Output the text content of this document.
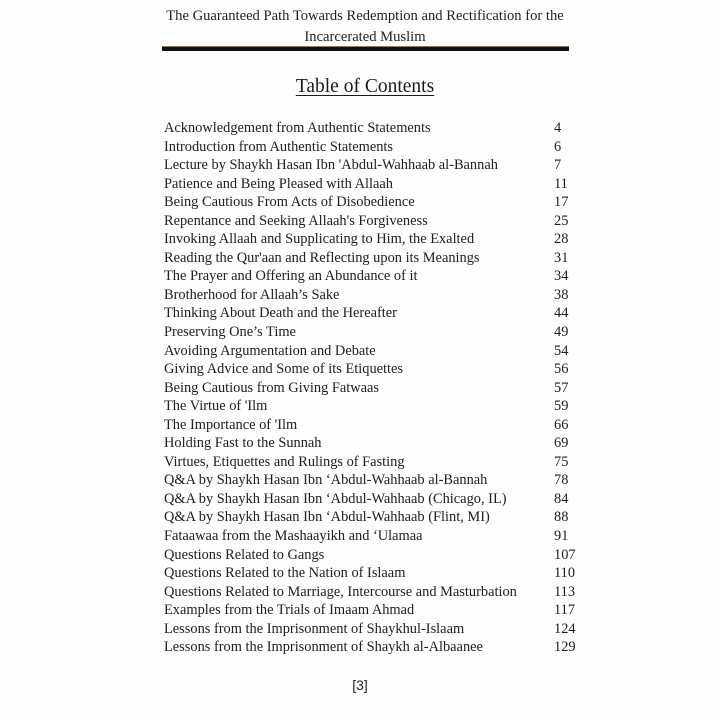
The Guaranteed Path Towards Redemption and Rectification for the
Incarcerated Muslim
Table of Contents
Acknowledgement from Authentic Statements	4
Introduction from Authentic Statements	6
Lecture by Shaykh Hasan Ibn 'Abdul-Wahhaab al-Bannah	7
Patience and Being Pleased with Allaah	11
Being Cautious From Acts of Disobedience	17
Repentance and Seeking Allaah's Forgiveness	25
Invoking Allaah and Supplicating to Him, the Exalted	28
Reading the Qur'aan and Reflecting upon its Meanings	31
The Prayer and Offering an Abundance of it	34
Brotherhood for Allaah’s Sake	38
Thinking About Death and the Hereafter	44
Preserving One’s Time	49
Avoiding Argumentation and Debate	54
Giving Advice and Some of its Etiquettes	56
Being Cautious from Giving Fatwaas	57
The Virtue of 'Ilm	59
The Importance of 'Ilm	66
Holding Fast to the Sunnah	69
Virtues, Etiquettes and Rulings of Fasting	75
Q&A by Shaykh Hasan Ibn ‘Abdul-Wahhaab al-Bannah	78
Q&A by Shaykh Hasan Ibn ‘Abdul-Wahhaab (Chicago, IL)	84
Q&A by Shaykh Hasan Ibn ‘Abdul-Wahhaab (Flint, MI)	88
Fataawaa from the Mashaayikh and ‘Ulamaa	91
Questions Related to Gangs	107
Questions Related to the Nation of Islaam	110
Questions Related to Marriage, Intercourse and Masturbation	113
Examples from the Trials of Imaam Ahmad	117
Lessons from the Imprisonment of Shaykhul-Islaam	124
Lessons from the Imprisonment of Shaykh al-Albaanee	129
[3]
